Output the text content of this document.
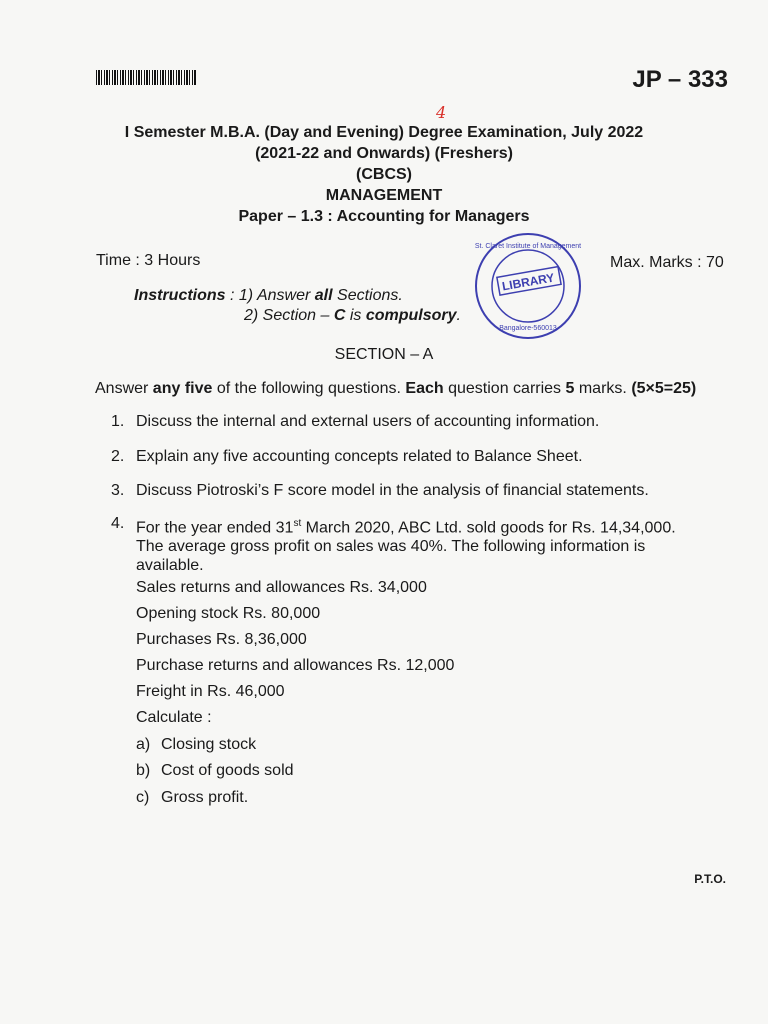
JP – 333
4
I Semester M.B.A. (Day and Evening) Degree Examination, July 2022
(2021-22 and Onwards) (Freshers)
(CBCS)
MANAGEMENT
Paper – 1.3 : Accounting for Managers
Time : 3 Hours	Max. Marks : 70
Instructions : 1) Answer all Sections.
2) Section – C is compulsory.
LIBRARY
St. Claret Institute of Management
Bangalore-560013
SECTION – A
Answer any five of the following questions. Each question carries 5 marks. (5×5=25)
1. Discuss the internal and external users of accounting information.
2. Explain any five accounting concepts related to Balance Sheet.
3. Discuss Piotroski’s F score model in the analysis of financial statements.
4. For the year ended 31st March 2020, ABC Ltd. sold goods for Rs. 14,34,000. The average gross profit on sales was 40%. The following information is available.
Sales returns and allowances Rs. 34,000
Opening stock Rs. 80,000
Purchases Rs. 8,36,000
Purchase returns and allowances Rs. 12,000
Freight in Rs. 46,000
Calculate :
a) Closing stock
b) Cost of goods sold
c) Gross profit.
P.T.O.
